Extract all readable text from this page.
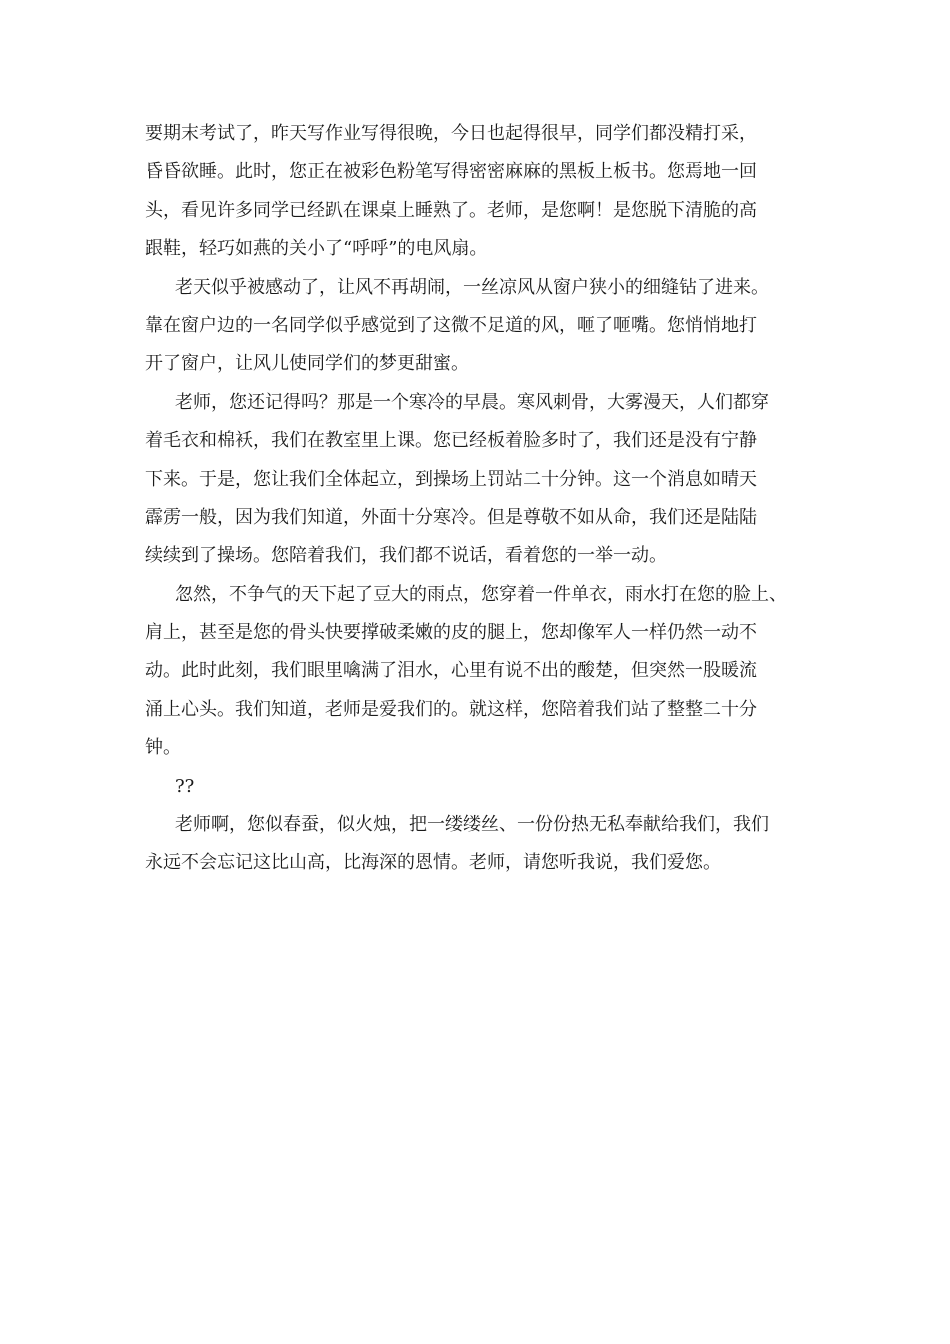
要期末考试了，昨天写作业写得很晚，今日也起得很早，同学们都没精打采，
昏昏欲睡。此时，您正在被彩色粉笔写得密密麻麻的黑板上板书。您焉地一回
头，看见许多同学已经趴在课桌上睡熟了。老师，是您啊！是您脱下清脆的高
跟鞋，轻巧如燕的关小了“呼呼”的电风扇。
老天似乎被感动了，让风不再胡闹，一丝凉风从窗户狭小的细缝钻了进来。
靠在窗户边的一名同学似乎感觉到了这微不足道的风，咂了咂嘴。您悄悄地打
开了窗户，让风儿使同学们的梦更甜蜜。
老师，您还记得吗？那是一个寒冷的早晨。寒风刺骨，大雾漫天，人们都穿
着毛衣和棉袄，我们在教室里上课。您已经板着脸多时了，我们还是没有宁静
下来。于是，您让我们全体起立，到操场上罚站二十分钟。这一个消息如晴天
霹雳一般，因为我们知道，外面十分寒冷。但是尊敬不如从命，我们还是陆陆
续续到了操场。您陪着我们，我们都不说话，看着您的一举一动。
忽然，不争气的天下起了豆大的雨点，您穿着一件单衣，雨水打在您的脸上、
肩上，甚至是您的骨头快要撑破柔嫩的皮的腿上，您却像军人一样仍然一动不
动。此时此刻，我们眼里噙满了泪水，心里有说不出的酸楚，但突然一股暖流
涌上心头。我们知道，老师是爱我们的。就这样，您陪着我们站了整整二十分
钟。
??
老师啊，您似春蚕，似火烛，把一缕缕丝、一份份热无私奉献给我们，我们
永远不会忘记这比山高，比海深的恩情。老师，请您听我说，我们爱您。
